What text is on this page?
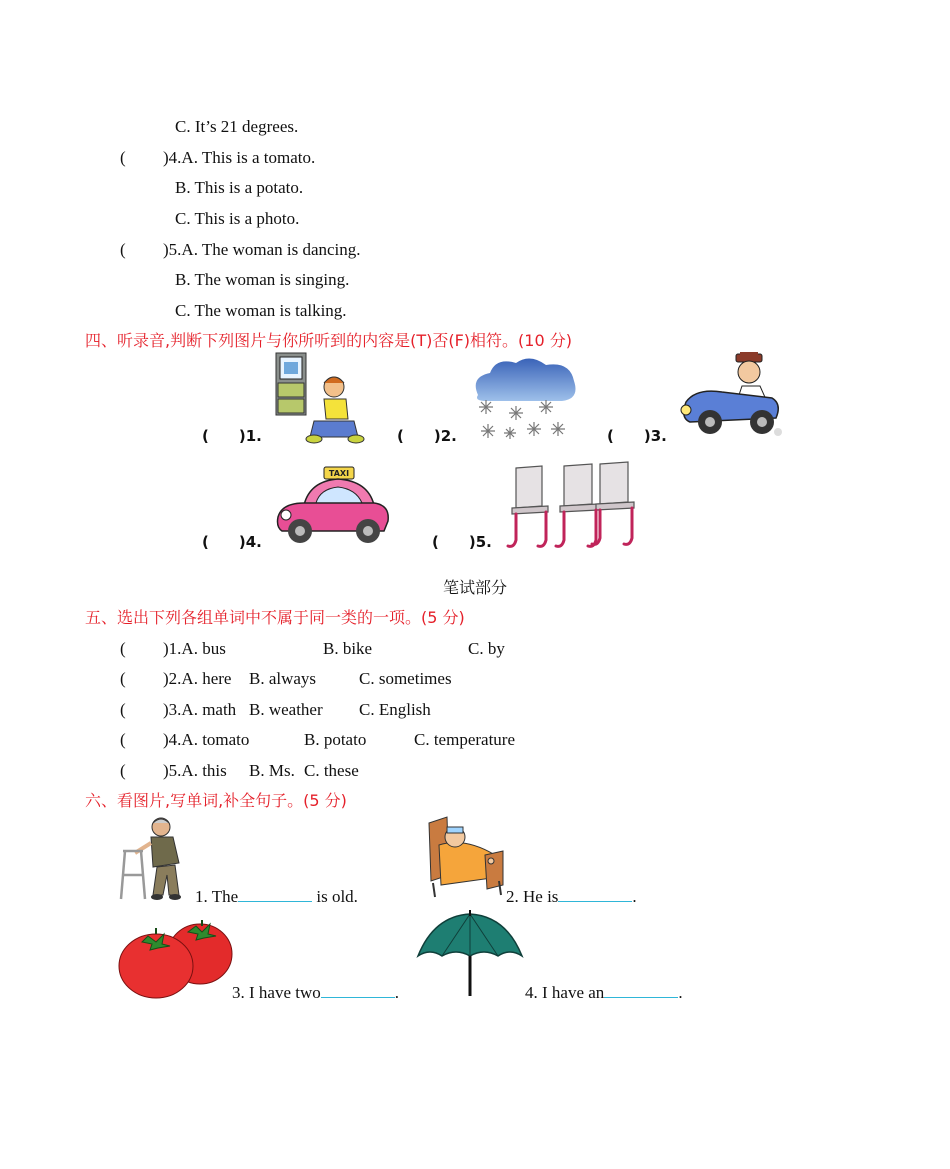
C. It’s 21 degrees.
( )4.A. This is a tomato.
B. This is a potato.
C. This is a photo.
( )5.A. The woman is dancing.
B. The woman is singing.
C. The woman is talking.
四、听录音,判断下列图片与你所听到的内容是(T)否(F)相符。(10 分)
(　　)1.	(　　)2.	(　　)3.
TAXI
(　　)4.	(　　)5.
笔试部分
五、选出下列各组单词中不属于同一类的一项。(5 分)
( )1.A. bus	B. bike	C. by
( )2.A. here B. always	C. sometimes
( )3.A. math B. weather C. English
( )4.A. tomato	B. potato	C. temperature
( )5.A. this B. Ms. C. these
六、看图片,写单词,补全句子。(5 分)
1. The	is old.	2. He is	.
3. I have two	.	4. I have an	.
